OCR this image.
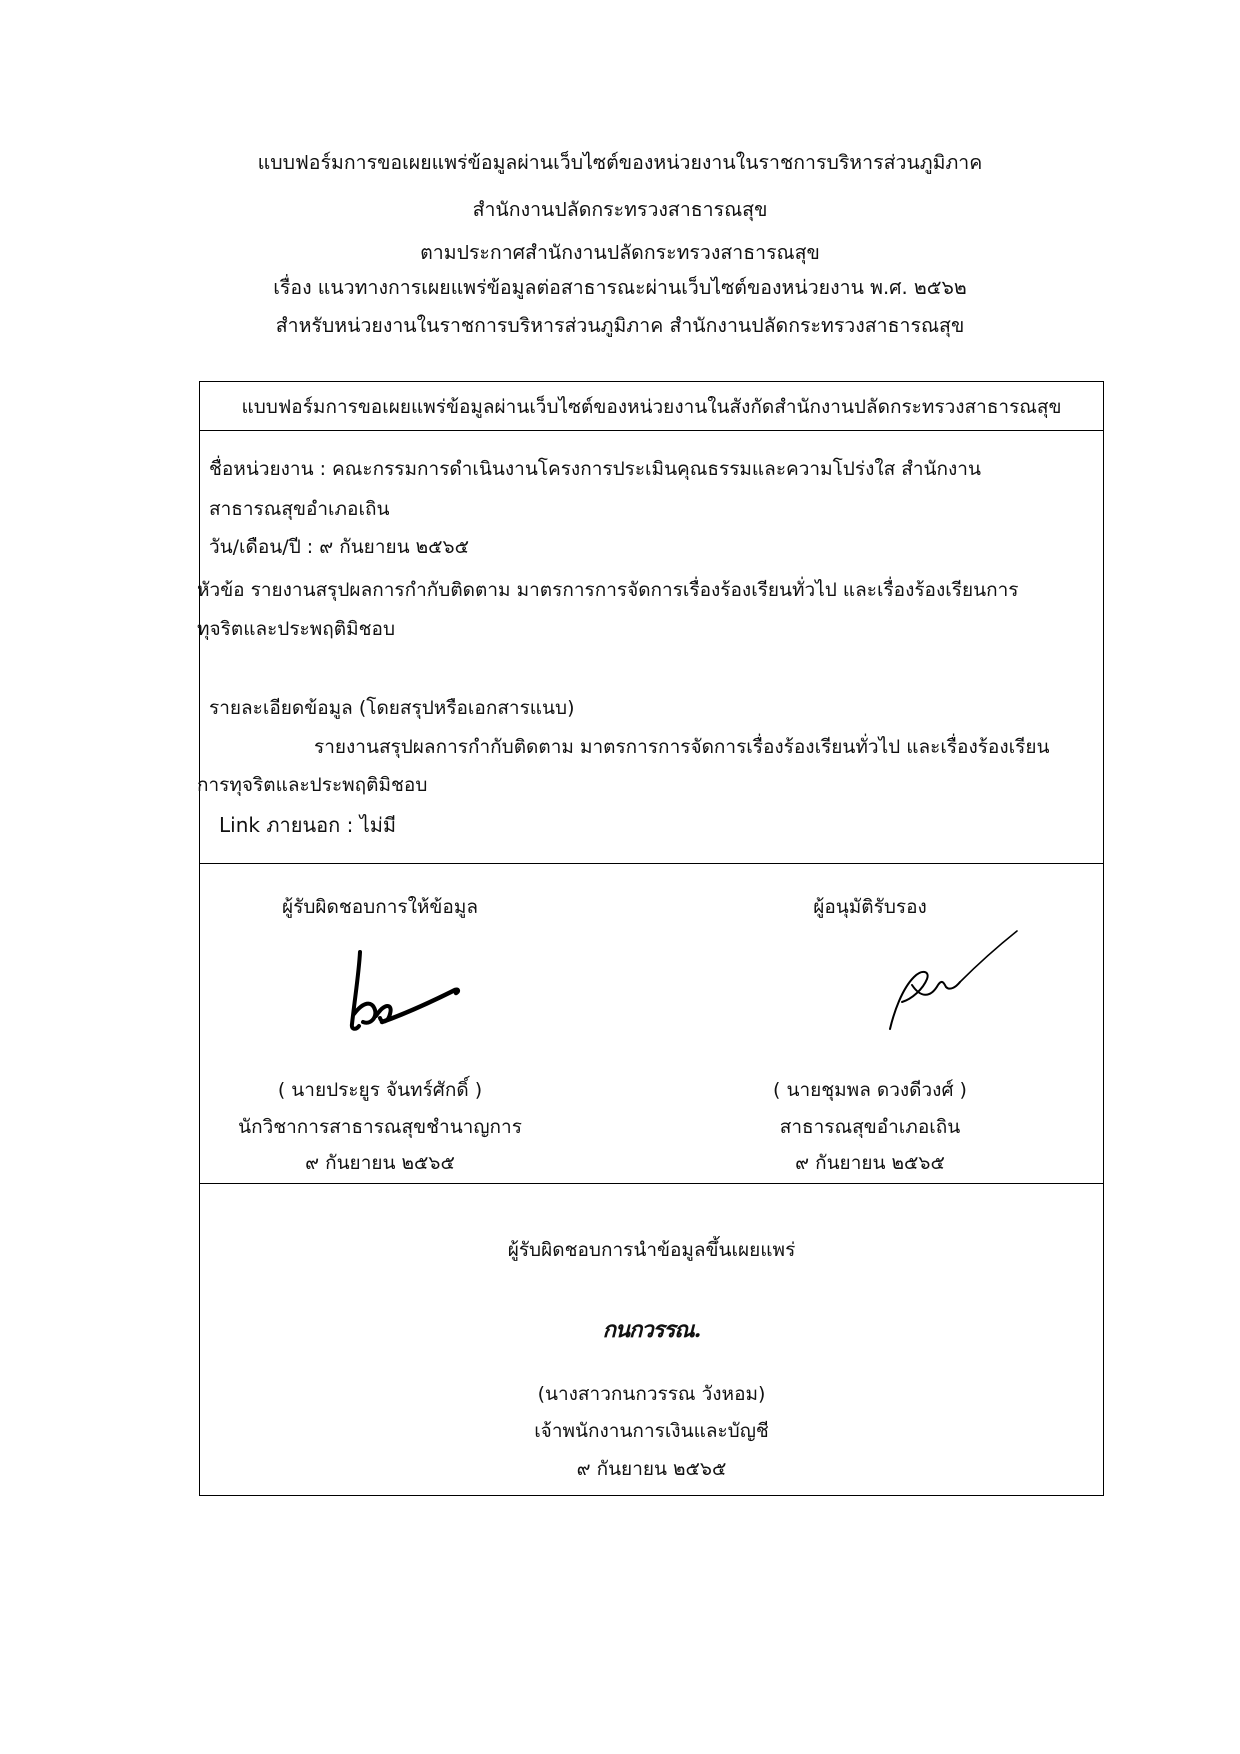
แบบฟอร์มการขอเผยแพร่ข้อมูลผ่านเว็บไซต์ของหน่วยงานในราชการบริหารส่วนภูมิภาค
สำนักงานปลัดกระทรวงสาธารณสุข
ตามประกาศสำนักงานปลัดกระทรวงสาธารณสุข
เรื่อง แนวทางการเผยแพร่ข้อมูลต่อสาธารณะผ่านเว็บไซต์ของหน่วยงาน พ.ศ. ๒๕๖๒
สำหรับหน่วยงานในราชการบริหารส่วนภูมิภาค สำนักงานปลัดกระทรวงสาธารณสุข
แบบฟอร์มการขอเผยแพร่ข้อมูลผ่านเว็บไซต์ของหน่วยงานในสังกัดสำนักงานปลัดกระทรวงสาธารณสุข
ชื่อหน่วยงาน : คณะกรรมการดำเนินงานโครงการประเมินคุณธรรมและความโปร่งใส สำนักงาน
สาธารณสุขอำเภอเถิน
วัน/เดือน/ปี : ๙ กันยายน ๒๕๖๕
หัวข้อ รายงานสรุปผลการกำกับติดตาม มาตรการการจัดการเรื่องร้องเรียนทั่วไป และเรื่องร้องเรียนการ
ทุจริตและประพฤติมิชอบ
รายละเอียดข้อมูล (โดยสรุปหรือเอกสารแนบ)
รายงานสรุปผลการกำกับติดตาม มาตรการการจัดการเรื่องร้องเรียนทั่วไป และเรื่องร้องเรียน
การทุจริตและประพฤติมิชอบ
Link ภายนอก : ไม่มี
ผู้รับผิดชอบการให้ข้อมูล
( นายประยูร จันทร์ศักดิ์ )
นักวิชาการสาธารณสุขชำนาญการ
๙ กันยายน ๒๕๖๕
ผู้อนุมัติรับรอง
( นายชุมพล ดวงดีวงศ์ )
สาธารณสุขอำเภอเถิน
๙ กันยายน ๒๕๖๕
ผู้รับผิดชอบการนำข้อมูลขึ้นเผยแพร่
กนกวรรณ.
(นางสาวกนกวรรณ วังหอม)
เจ้าพนักงานการเงินและบัญชี
๙ กันยายน ๒๕๖๕
